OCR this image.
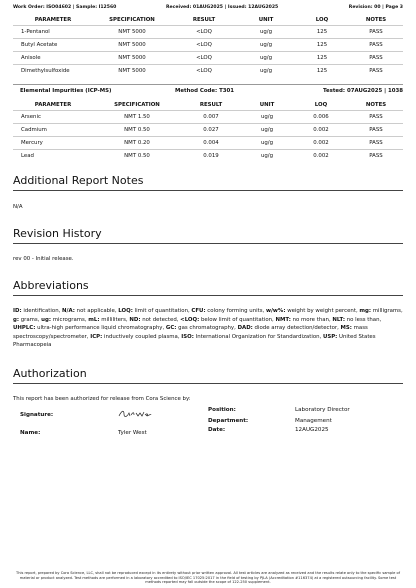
Work Order: ISO04602 | Sample: I12560	Received: 01AUG2025 | Issued: 12AUG2025	Revision: 00 | Page 3
PARAMETER	SPECIFICATION	RESULT	UNIT	LOQ	NOTES
1-Pentanol	NMT 5000	<LOQ	ug/g	125	PASS
Butyl Acetate	NMT 5000	<LOQ	ug/g	125	PASS
Anisole	NMT 5000	<LOQ	ug/g	125	PASS
Dimethylsulfoxide	NMT 5000	<LOQ	ug/g	125	PASS
Elemental Impurities (ICP-MS)	Method Code: T301	Tested: 07AUG2025 | 1038
PARAMETER	SPECIFICATION	RESULT	UNIT	LOQ	NOTES
Arsenic	NMT 1.50	0.007	ug/g	0.006	PASS
Cadmium	NMT 0.50	0.027	ug/g	0.002	PASS
Mercury	NMT 0.20	0.004	ug/g	0.002	PASS
Lead	NMT 0.50	0.019	ug/g	0.002	PASS
Additional Report Notes
N/A
Revision History
rev 00 - Initial release.
Abbreviations
ID: identification, N/A: not applicable, LOQ: limit of quantitation, CFU: colony forming units, w/w%: weight by weight percent, mg: milligrams, g: grams, ug: micrograms, mL: milliliters, ND: not detected, <LOQ: below limit of quantitation, NMT: no more than, NLT: no less than, UHPLC: ultra-high performance liquid chromatography, GC: gas chromatography, DAD: diode array detection/detector, MS: mass spectroscopy/spectrometer, ICP: inductively coupled plasma, ISO: International Organization for Standardization, USP: United States Pharmacopeia
Authorization
This report has been authorized for release from Cora Science by:
Signature:
Name:	Tyler West
Position:	Laboratory Director
Department:	Management
Date:	12AUG2025
This report, prepared by Cora Science, LLC, shall not be reproduced except in its entirety without prior written approval. All test articles are analyzed as received and the results relate only to the specific sample of material or product analyzed. Test methods are performed in a laboratory accredited to ISO/IEC 17025:2017 in the field of testing by PJLA (Accreditation #116374) at a registered outsourcing facility. Some test methods reported may fall outside the scope of 122-250 supplement.
